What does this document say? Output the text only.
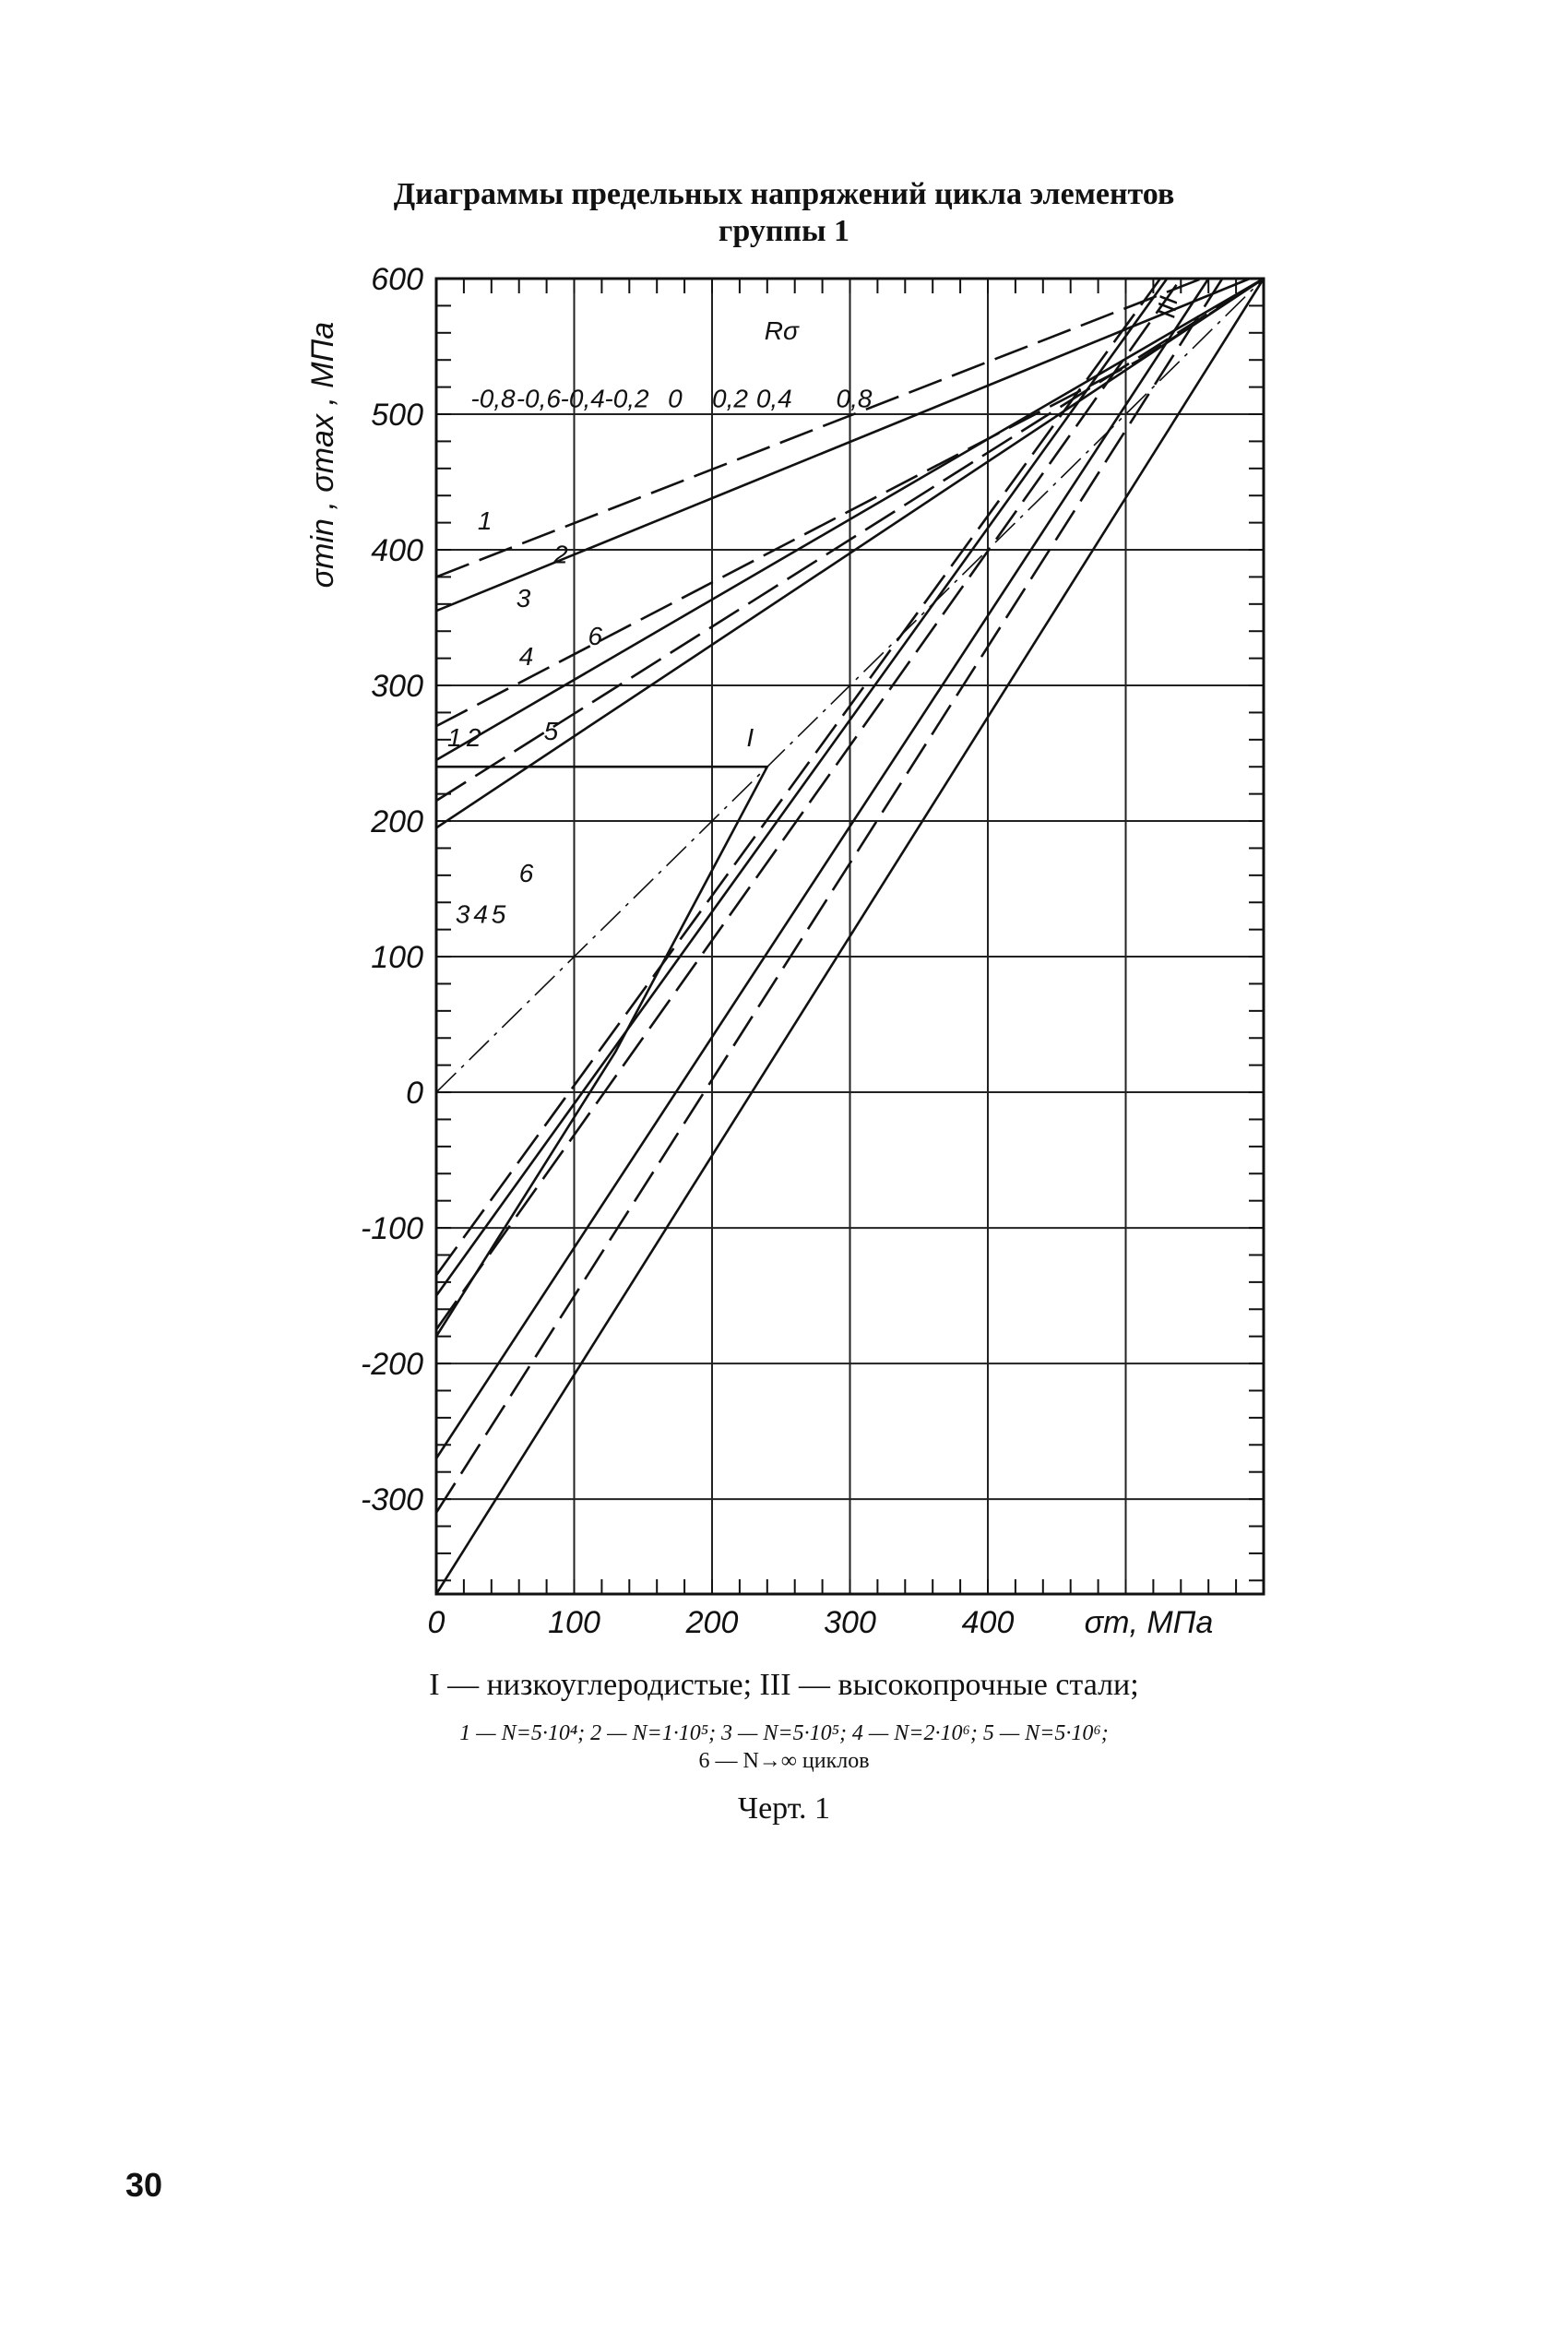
Диаграммы предельных напряжений цикла элементов
группы 1
0	100	200	300	400
600
500
400
300
200
100
0
-100
-200
-300
σm, МПа
σmin , σmax , МПа	Rσ
-0,8 -0,6 -0,4 -0,2 0 0,2 0,4 0,8
1
2
3
4
5
6
1 2
3 4 5
6
I
III
I — низкоуглеродистые; III — высокопрочные стали;
1 — N=5·10⁴; 2 — N=1·10⁵; 3 — N=5·10⁵; 4 — N=2·10⁶; 5 — N=5·10⁶;
6 — N→∞ циклов
Черт. 1
30
